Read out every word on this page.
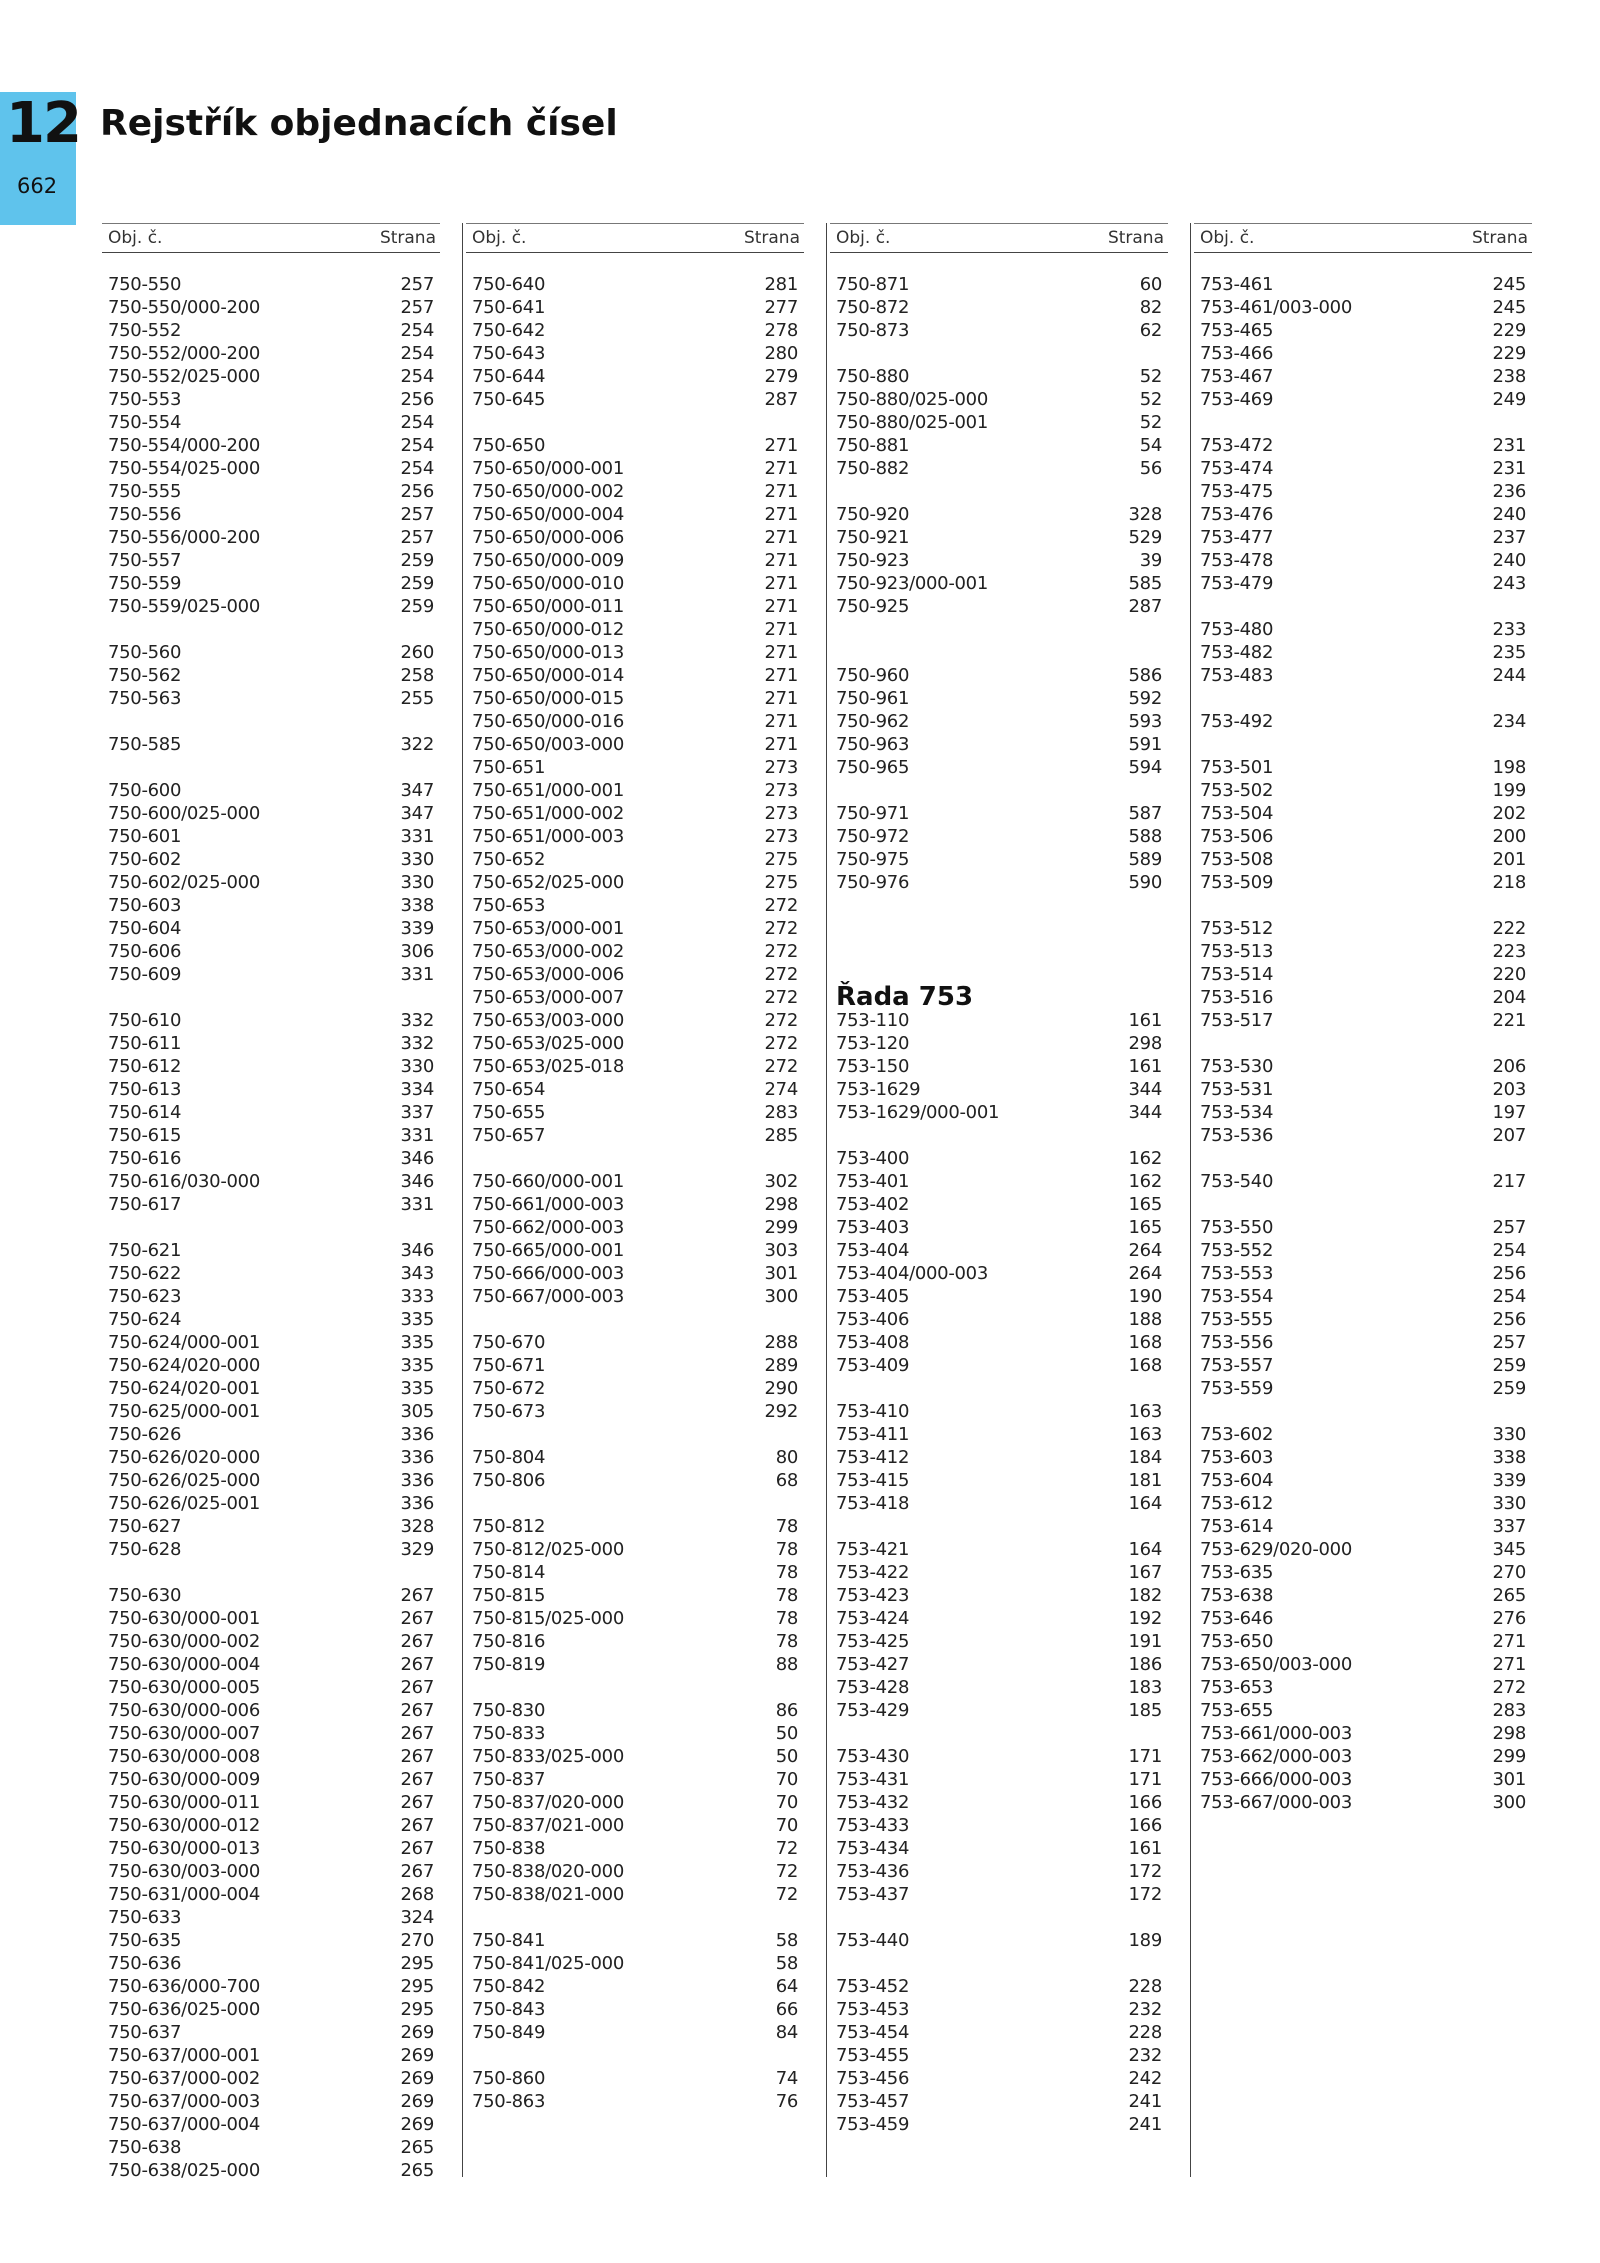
12
662
Rejstřík objednacích čísel
Obj. č.	Strana
750-550	257
750-550/000-200	257
750-552	254
750-552/000-200	254
750-552/025-000	254
750-553	256
750-554	254
750-554/000-200	254
750-554/025-000	254
750-555	256
750-556	257
750-556/000-200	257
750-557	259
750-559	259
750-559/025-000	259
750-560	260
750-562	258
750-563	255
750-585	322
750-600	347
750-600/025-000	347
750-601	331
750-602	330
750-602/025-000	330
750-603	338
750-604	339
750-606	306
750-609	331
750-610	332
750-611	332
750-612	330
750-613	334
750-614	337
750-615	331
750-616	346
750-616/030-000	346
750-617	331
750-621	346
750-622	343
750-623	333
750-624	335
750-624/000-001	335
750-624/020-000	335
750-624/020-001	335
750-625/000-001	305
750-626	336
750-626/020-000	336
750-626/025-000	336
750-626/025-001	336
750-627	328
750-628	329
750-630	267
750-630/000-001	267
750-630/000-002	267
750-630/000-004	267
750-630/000-005	267
750-630/000-006	267
750-630/000-007	267
750-630/000-008	267
750-630/000-009	267
750-630/000-011	267
750-630/000-012	267
750-630/000-013	267
750-630/003-000	267
750-631/000-004	268
750-633	324
750-635	270
750-636	295
750-636/000-700	295
750-636/025-000	295
750-637	269
750-637/000-001	269
750-637/000-002	269
750-637/000-003	269
750-637/000-004	269
750-638	265
750-638/025-000	265
Obj. č.	Strana
750-640	281
750-641	277
750-642	278
750-643	280
750-644	279
750-645	287
750-650	271
750-650/000-001	271
750-650/000-002	271
750-650/000-004	271
750-650/000-006	271
750-650/000-009	271
750-650/000-010	271
750-650/000-011	271
750-650/000-012	271
750-650/000-013	271
750-650/000-014	271
750-650/000-015	271
750-650/000-016	271
750-650/003-000	271
750-651	273
750-651/000-001	273
750-651/000-002	273
750-651/000-003	273
750-652	275
750-652/025-000	275
750-653	272
750-653/000-001	272
750-653/000-002	272
750-653/000-006	272
750-653/000-007	272
750-653/003-000	272
750-653/025-000	272
750-653/025-018	272
750-654	274
750-655	283
750-657	285
750-660/000-001	302
750-661/000-003	298
750-662/000-003	299
750-665/000-001	303
750-666/000-003	301
750-667/000-003	300
750-670	288
750-671	289
750-672	290
750-673	292
750-804	80
750-806	68
750-812	78
750-812/025-000	78
750-814	78
750-815	78
750-815/025-000	78
750-816	78
750-819	88
750-830	86
750-833	50
750-833/025-000	50
750-837	70
750-837/020-000	70
750-837/021-000	70
750-838	72
750-838/020-000	72
750-838/021-000	72
750-841	58
750-841/025-000	58
750-842	64
750-843	66
750-849	84
750-860	74
750-863	76
Obj. č.	Strana
750-871	60
750-872	82
750-873	62
750-880	52
750-880/025-000	52
750-880/025-001	52
750-881	54
750-882	56
750-920	328
750-921	529
750-923	39
750-923/000-001	585
750-925	287
750-960	586
750-961	592
750-962	593
750-963	591
750-965	594
750-971	587
750-972	588
750-975	589
750-976	590
Řada 753
753-110	161
753-120	298
753-150	161
753-1629	344
753-1629/000-001	344
753-400	162
753-401	162
753-402	165
753-403	165
753-404	264
753-404/000-003	264
753-405	190
753-406	188
753-408	168
753-409	168
753-410	163
753-411	163
753-412	184
753-415	181
753-418	164
753-421	164
753-422	167
753-423	182
753-424	192
753-425	191
753-427	186
753-428	183
753-429	185
753-430	171
753-431	171
753-432	166
753-433	166
753-434	161
753-436	172
753-437	172
753-440	189
753-452	228
753-453	232
753-454	228
753-455	232
753-456	242
753-457	241
753-459	241
Obj. č.	Strana
753-461	245
753-461/003-000	245
753-465	229
753-466	229
753-467	238
753-469	249
753-472	231
753-474	231
753-475	236
753-476	240
753-477	237
753-478	240
753-479	243
753-480	233
753-482	235
753-483	244
753-492	234
753-501	198
753-502	199
753-504	202
753-506	200
753-508	201
753-509	218
753-512	222
753-513	223
753-514	220
753-516	204
753-517	221
753-530	206
753-531	203
753-534	197
753-536	207
753-540	217
753-550	257
753-552	254
753-553	256
753-554	254
753-555	256
753-556	257
753-557	259
753-559	259
753-602	330
753-603	338
753-604	339
753-612	330
753-614	337
753-629/020-000	345
753-635	270
753-638	265
753-646	276
753-650	271
753-650/003-000	271
753-653	272
753-655	283
753-661/000-003	298
753-662/000-003	299
753-666/000-003	301
753-667/000-003	300
